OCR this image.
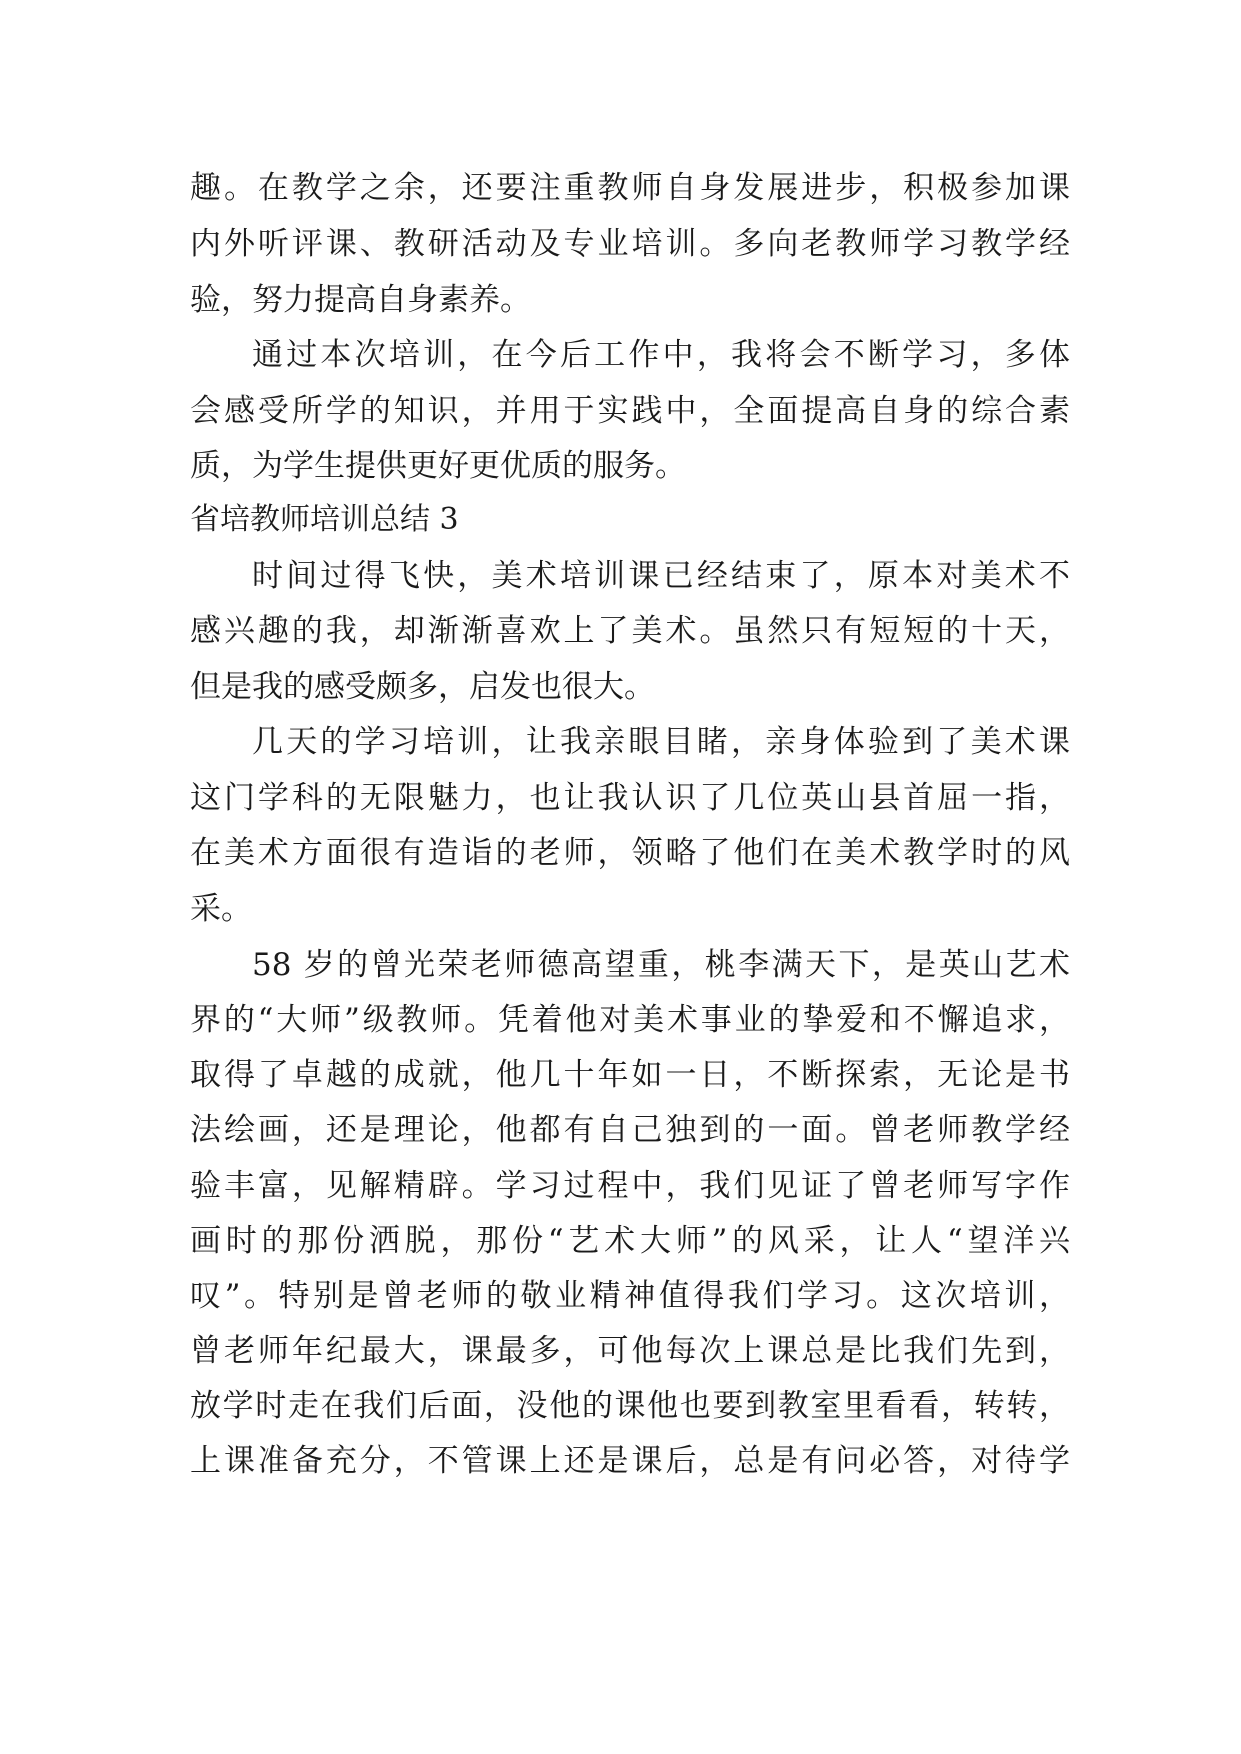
趣。在教学之余，还要注重教师自身发展进步，积极参加课
内外听评课、教研活动及专业培训。多向老教师学习教学经
验，努力提高自身素养。
通过本次培训，在今后工作中，我将会不断学习，多体
会感受所学的知识，并用于实践中，全面提高自身的综合素
质，为学生提供更好更优质的服务。
省培教师培训总结 3
时间过得飞快，美术培训课已经结束了，原本对美术不
感兴趣的我，却渐渐喜欢上了美术。虽然只有短短的十天，
但是我的感受颇多，启发也很大。
几天的学习培训，让我亲眼目睹，亲身体验到了美术课
这门学科的无限魅力，也让我认识了几位英山县首屈一指，
在美术方面很有造诣的老师，领略了他们在美术教学时的风
采。
58 岁的曾光荣老师德高望重，桃李满天下，是英山艺术
界的“大师”级教师。凭着他对美术事业的挚爱和不懈追求，
取得了卓越的成就，他几十年如一日，不断探索，无论是书
法绘画，还是理论，他都有自己独到的一面。曾老师教学经
验丰富，见解精辟。学习过程中，我们见证了曾老师写字作
画时的那份洒脱，那份“艺术大师”的风采，让人“望洋兴
叹”。特别是曾老师的敬业精神值得我们学习。这次培训，
曾老师年纪最大，课最多，可他每次上课总是比我们先到，
放学时走在我们后面，没他的课他也要到教室里看看，转转，
上课准备充分，不管课上还是课后，总是有问必答，对待学
